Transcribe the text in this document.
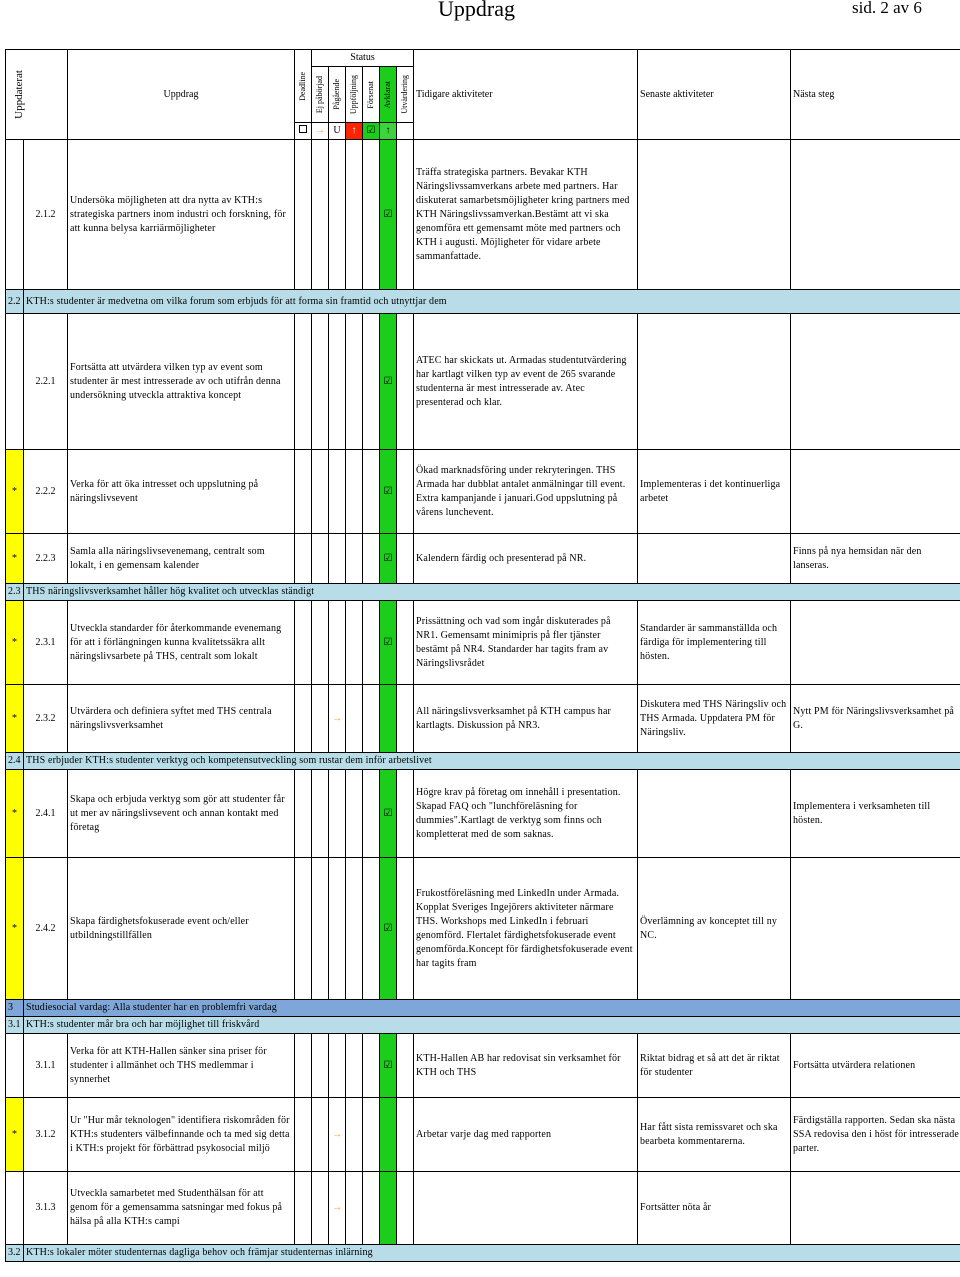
Uppdrag	sid. 2 av 6
Uppdaterat		Uppdrag	Deadline	Status						Tidigare aktiviteter	Senaste aktiviteter	Nästa steg

				Ej påbörjad	Pågående	Uppföljning	Försenat	Avklarat	Utvärdering			

				→	U	↑	☑	↑				
	2.1.2	Undersöka möjligheten att dra nytta av KTH:s strategiska partners inom industri och forskning, för att kunna belysa karriärmöjligheter						☑		Träffa strategiska partners. Bevakar KTH Näringslivssamverkans arbete med partners. Har diskuterat samarbetsmöjligheter kring partners med KTH Näringslivssamverkan.Bestämt att vi ska genomföra ett gemensamt möte med partners och KTH i augusti. Möjligheter för vidare arbete sammanfattade.		
2.2	KTH:s studenter är medvetna om vilka forum som erbjuds för att forma sin framtid och utnyttjar dem											
	2.2.1	Fortsätta att utvärdera vilken typ av event som studenter är mest intresserade av och utifrån denna undersökning utveckla attraktiva koncept						☑		ATEC har skickats ut. Armadas studentutvärdering har kartlagt vilken typ av event de 265 svarande studenterna är mest intresserade av. Atec presenterad och klar.		
*	2.2.2	Verka för att öka intresset och uppslutning på näringslivsevent						☑		Ökad marknadsföring under rekryteringen. THS Armada har dubblat antalet anmälningar till event. Extra kampanjande i januari.God uppslutning på vårens lunchevent.	Implementeras i det kontinuerliga arbetet	
*	2.2.3	Samla alla näringslivsevenemang, centralt som lokalt, i en gemensam kalender						☑		Kalendern färdig och presenterad på NR.		Finns på nya hemsidan när den lanseras.
2.3	THS näringslivsverksamhet håller hög kvalitet och utvecklas ständigt											
*	2.3.1	Utveckla standarder för återkommande evenemang för att i förlängningen kunna kvalitetssäkra allt näringslivsarbete på THS, centralt som lokalt						☑		Prissättning och vad som ingår diskuterades på NR1. Gemensamt minimipris på fler tjänster bestämt på NR4. Standarder har tagits fram av Näringslivsrådet	Standarder är sammanställda och färdiga för implementering till hösten.	
*	2.3.2	Utvärdera och definiera syftet med THS centrala näringslivsverksamhet			→					All näringslivsverksamhet på KTH campus har kartlagts. Diskussion på NR3.	Diskutera med THS Näringsliv och THS Armada. Uppdatera PM för Näringsliv.	Nytt PM för Näringslivsverksamhet på G.
2.4	THS erbjuder KTH:s studenter verktyg och kompetensutveckling som rustar dem inför arbetslivet											
*	2.4.1	Skapa och erbjuda verktyg som gör att studenter får ut mer av näringslivsevent och annan kontakt med företag						☑		Högre krav på företag om innehåll i presentation. Skapad FAQ och "lunchföreläsning for dummies".Kartlagt de verktyg som finns och kompletterat med de som saknas.		Implementera i verksamheten till hösten.
*	2.4.2	Skapa färdighetsfokuserade event och/eller utbildningstillfällen						☑		Frukostföreläsning med LinkedIn under Armada. Kopplat Sveriges Ingejörers aktiviteter närmare THS. Workshops med LinkedIn i februari genomförd. Flertalet färdighetsfokuserade event genomförda.Koncept för färdighetsfokuserade event har tagits fram	Överlämning av konceptet till ny NC.	
3	Studiesocial vardag: Alla studenter har en problemfri vardag											
3.1	KTH:s studenter mår bra och har möjlighet till friskvård											
	3.1.1	Verka för att KTH-Hallen sänker sina priser för studenter i allmänhet och THS medlemmar i synnerhet						☑		KTH-Hallen AB har redovisat sin verksamhet för KTH och THS	Riktat bidrag et så att det är riktat för studenter	Fortsätta utvärdera relationen
*	3.1.2	Ur "Hur mår teknologen" identifiera riskområden för KTH:s studenters välbefinnande och ta med sig detta i KTH:s projekt för förbättrad psykosocial miljö			→					Arbetar varje dag med rapporten	Har fått sista remissvaret och ska bearbeta kommentarerna.	Färdigställa rapporten. Sedan ska nästa SSA redovisa den i höst för intresserade parter.
	3.1.3	Utveckla samarbetet med Studenthälsan för att genom för a gemensamma satsningar med fokus på hälsa på alla KTH:s campi			→						Fortsätter nöta år	
3.2	KTH:s lokaler möter studenternas dagliga behov och främjar studenternas inlärning											
